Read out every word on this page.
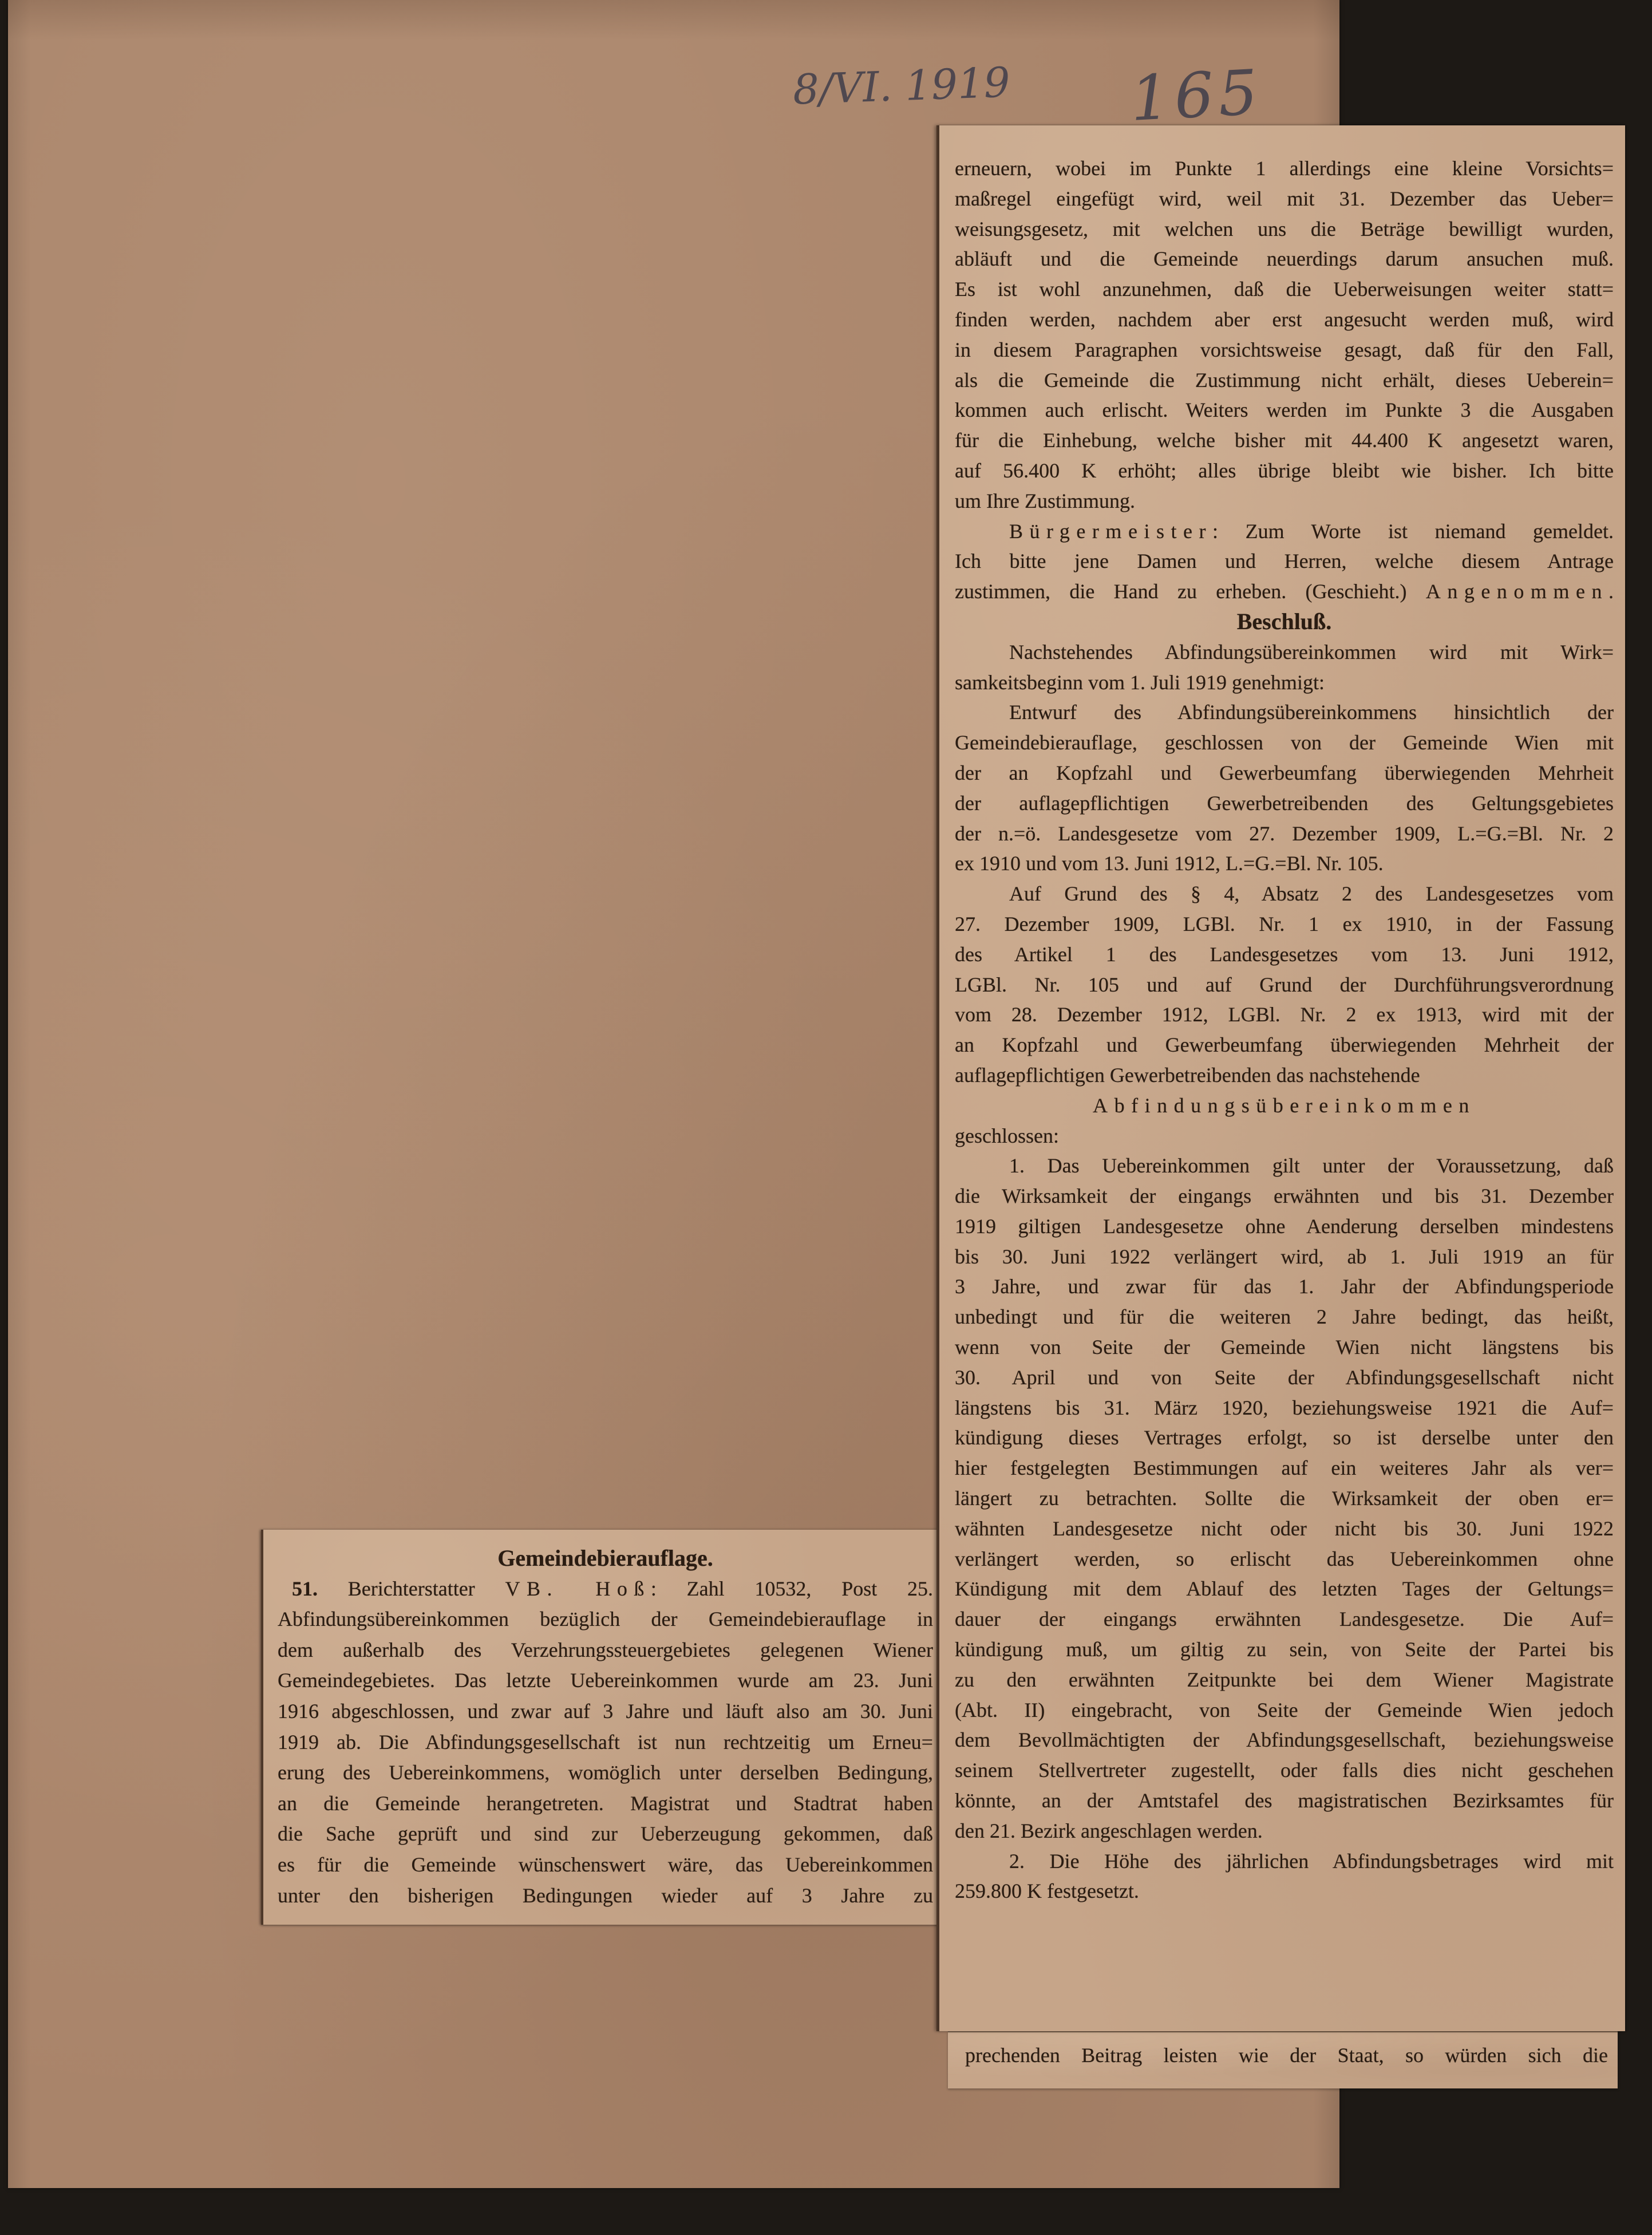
8/VI. 1919 165
erneuern, wobei im Punkte 1 allerdings eine kleine Vorsichts=
maßregel eingefügt wird, weil mit 31. Dezember das Ueber=
weisungsgesetz, mit welchen uns die Beträge bewilligt wurden,
abläuft und die Gemeinde neuerdings darum ansuchen muß.
Es ist wohl anzunehmen, daß die Ueberweisungen weiter statt=
finden werden, nachdem aber erst angesucht werden muß, wird
in diesem Paragraphen vorsichtsweise gesagt, daß für den Fall,
als die Gemeinde die Zustimmung nicht erhält, dieses Ueberein=
kommen auch erlischt. Weiters werden im Punkte 3 die Ausgaben
für die Einhebung, welche bisher mit 44.400 K angesetzt waren,
auf 56.400 K erhöht; alles übrige bleibt wie bisher. Ich bitte
um Ihre Zustimmung.
Bürgermeister: Zum Worte ist niemand gemeldet.
Ich bitte jene Damen und Herren, welche diesem Antrage
zustimmen, die Hand zu erheben. (Geschieht.) Angenommen.
Beschluß.
Nachstehendes Abfindungsübereinkommen wird mit Wirk=
samkeitsbeginn vom 1. Juli 1919 genehmigt:
Entwurf des Abfindungsübereinkommens hinsichtlich der
Gemeindebierauflage, geschlossen von der Gemeinde Wien mit
der an Kopfzahl und Gewerbeumfang überwiegenden Mehrheit
der auflagepflichtigen Gewerbetreibenden des Geltungsgebietes
der n.=ö. Landesgesetze vom 27. Dezember 1909, L.=G.=Bl. Nr. 2
ex 1910 und vom 13. Juni 1912, L.=G.=Bl. Nr. 105.
Auf Grund des § 4, Absatz 2 des Landesgesetzes vom
27. Dezember 1909, LGBl. Nr. 1 ex 1910, in der Fassung
des Artikel 1 des Landesgesetzes vom 13. Juni 1912,
LGBl. Nr. 105 und auf Grund der Durchführungsverordnung
vom 28. Dezember 1912, LGBl. Nr. 2 ex 1913, wird mit der
an Kopfzahl und Gewerbeumfang überwiegenden Mehrheit der
auflagepflichtigen Gewerbetreibenden das nachstehende
Abfindungsübereinkommen
geschlossen:
1. Das Uebereinkommen gilt unter der Voraussetzung, daß
die Wirksamkeit der eingangs erwähnten und bis 31. Dezember
1919 giltigen Landesgesetze ohne Aenderung derselben mindestens
bis 30. Juni 1922 verlängert wird, ab 1. Juli 1919 an für
3 Jahre, und zwar für das 1. Jahr der Abfindungsperiode
unbedingt und für die weiteren 2 Jahre bedingt, das heißt,
wenn von Seite der Gemeinde Wien nicht längstens bis
30. April und von Seite der Abfindungsgesellschaft nicht
längstens bis 31. März 1920, beziehungsweise 1921 die Auf=
kündigung dieses Vertrages erfolgt, so ist derselbe unter den
hier festgelegten Bestimmungen auf ein weiteres Jahr als ver=
längert zu betrachten. Sollte die Wirksamkeit der oben er=
wähnten Landesgesetze nicht oder nicht bis 30. Juni 1922
verlängert werden, so erlischt das Uebereinkommen ohne
Kündigung mit dem Ablauf des letzten Tages der Geltungs=
dauer der eingangs erwähnten Landesgesetze. Die Auf=
kündigung muß, um giltig zu sein, von Seite der Partei bis
zu den erwähnten Zeitpunkte bei dem Wiener Magistrate
(Abt. II) eingebracht, von Seite der Gemeinde Wien jedoch
dem Bevollmächtigten der Abfindungsgesellschaft, beziehungsweise
seinem Stellvertreter zugestellt, oder falls dies nicht geschehen
könnte, an der Amtstafel des magistratischen Bezirksamtes für
den 21. Bezirk angeschlagen werden.
2. Die Höhe des jährlichen Abfindungsbetrages wird mit
259.800 K festgesetzt.
prechenden Beitrag leisten wie der Staat, so würden sich die
Gemeindebierauflage.
51. Berichterstatter VB. Hoß: Zahl 10532, Post 25.
Abfindungsübereinkommen bezüglich der Gemeindebierauflage in
dem außerhalb des Verzehrungssteuergebietes gelegenen Wiener
Gemeindegebietes. Das letzte Uebereinkommen wurde am 23. Juni
1916 abgeschlossen, und zwar auf 3 Jahre und läuft also am 30. Juni
1919 ab. Die Abfindungsgesellschaft ist nun rechtzeitig um Erneu=
erung des Uebereinkommens, womöglich unter derselben Bedingung,
an die Gemeinde herangetreten. Magistrat und Stadtrat haben
die Sache geprüft und sind zur Ueberzeugung gekommen, daß
es für die Gemeinde wünschenswert wäre, das Uebereinkommen
unter den bisherigen Bedingungen wieder auf 3 Jahre zu
